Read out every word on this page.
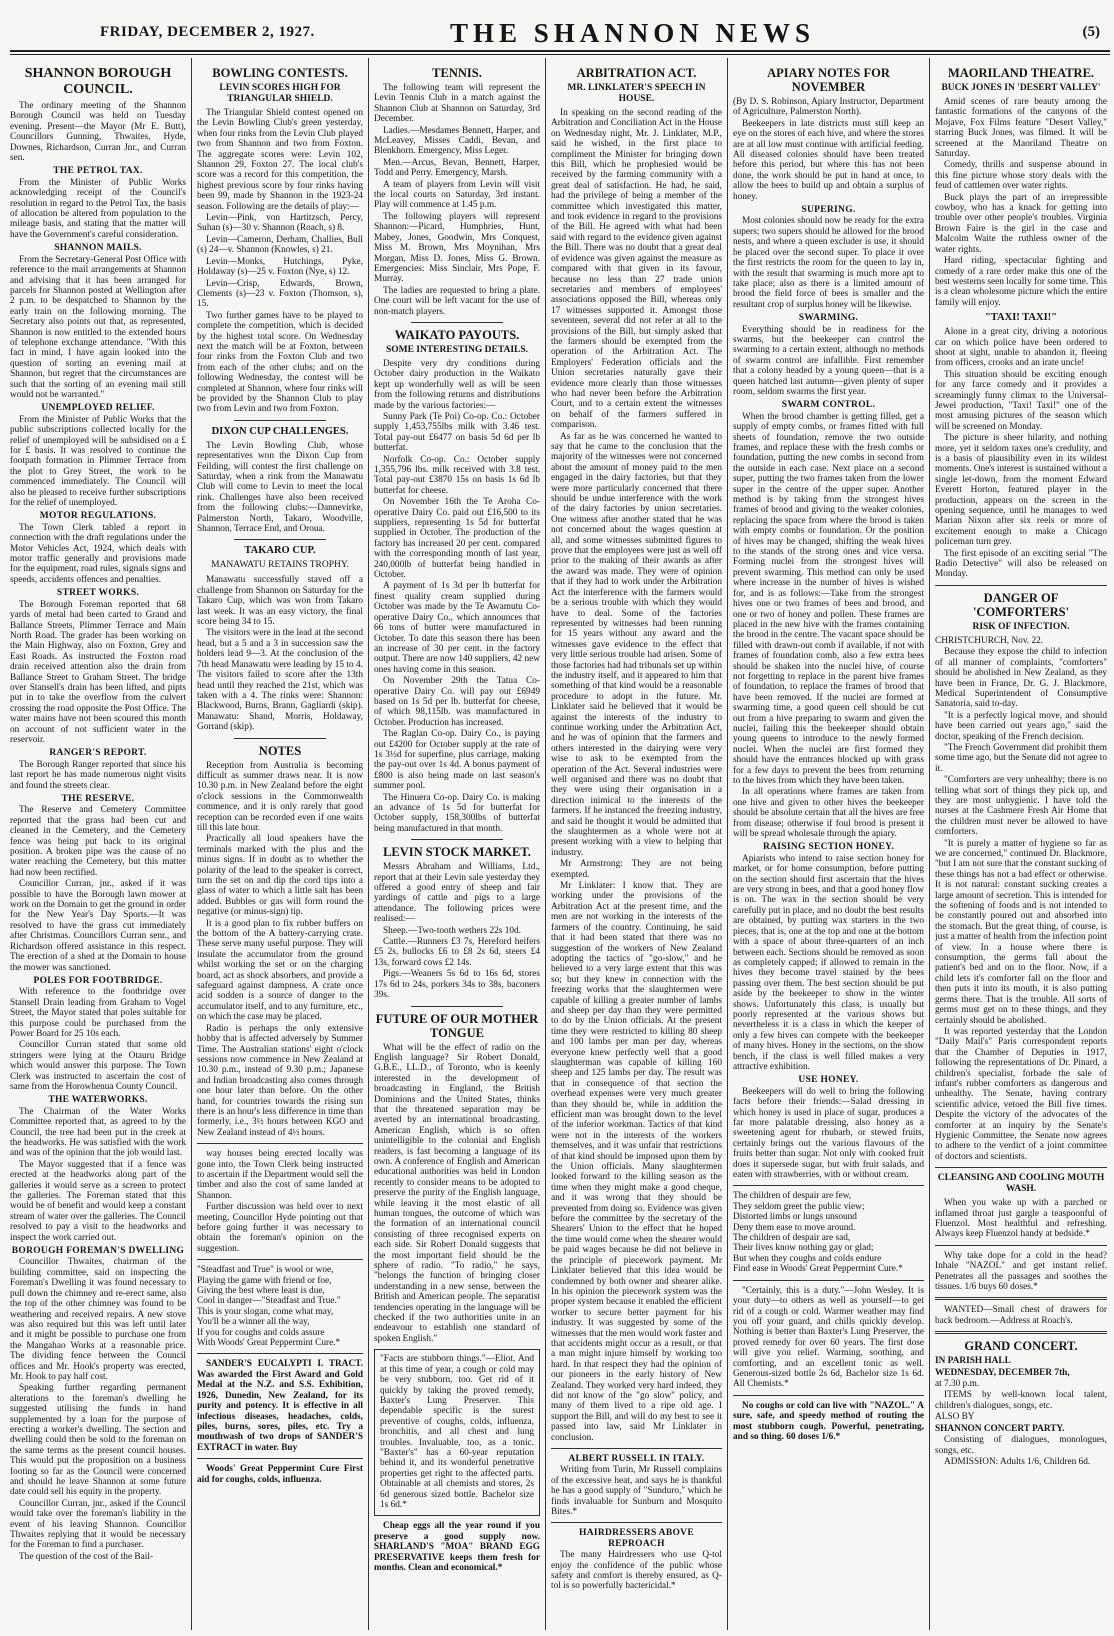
FRIDAY, DECEMBER 2, 1927.	THE SHANNON NEWS	(5)
SHANNON BOROUGH COUNCIL.

The ordinary meeting of the Shannon Borough Council was held on Tuesday evening. Present—the Mayor (Mr E. Butt), Councillors Gunning, Thwaites, Hyde, Downes, Richardson, Curran Jnr., and Curran sen.

THE PETROL TAX.

From the Minister of Public Works acknowledging receipt of the Council's resolution in regard to the Petrol Tax, the basis of allocation be altered from population to the mileage basis, and stating that the matter will have the Government's careful consideration.

SHANNON MAILS.

From the Secretary-General Post Office with reference to the mail arrangements at Shannon and advising that it has been arranged for parcels for Shannon posted at Wellington after 2 p.m. to be despatched to Shannon by the early train on the following morning. The Secretary also points out that, as represented, Shannon is now entitled to the extended hours of telephone exchange attendance. "With this fact in mind, I have again looked into the question of sorting an evening mail at Shannon, but regret that the circumstances are such that the sorting of an evening mail still would not be warranted."

UNEMPLOYED RELIEF.

From the Minister of Public Works that the public subscriptions collected locally for the relief of unemployed will be subsidised on a £ for £ basis. It was resolved to continue the footpath formation in Plimmer Terrace from the plot to Grey Street, the work to be commenced immediately. The Council will also be pleased to receive further subscriptions for the relief of unemployed.

MOTOR REGULATIONS.

The Town Clerk tabled a report in connection with the draft regulations under the Motor Vehicles Act, 1924, which deals with motor traffic generally and provisions made for the equipment, road rules, signals signs and speeds, accidents offences and penalties.

STREET WORKS.

The Borough Foreman reported that 68 yards of metal had been carted to Grand and Ballance Streets, Plimmer Terrace and Main North Road. The grader has been working on the Main Highway, also on Foxton, Grey and East Roads. As instructed the Foxton road drain received attention also the drain from Ballance Street to Graham Street. The bridge over Stansell's drain has been lifted, and pipts put in to take the overflow from the culvert crossing the road opposite the Post Office. The water mains have not been scoured this month on account of not sufficient water in the reservoir.

RANGER'S REPORT.

The Borough Ranger reported that since his last report he has made numerous night visits and found the streets clear.

THE RESERVE.

The Reserve and Cemetery Committee reported that the grass had been cut and cleaned in the Cemetery, and the Cemetery fence was being put back to its original position. A broken pipe was the cause of no water reaching the Cemetery, but this matter had now been rectified.

Councillor Curran, jnr., asked if it was possible to have the Borough lawn mower at work on the Domain to get the ground in order for the New Year's Day Sports.—It was resolved to have the grass cut immediately after Christmas. Councillors Curran senr., and Richardson offered assistance in this respect. The erection of a shed at the Domain to house the mower was sanctioned.

POLES FOR FOOTBRIDGE.

With reference to the footbridge over Stansell Drain leading from Graham to Vogel Street, the Mayor stated that poles suitable for this purpose could be purchased from the Power Board for 25 10s each.

Councillor Curran stated that some old stringers were lying at the Otauru Bridge which would answer this purpose. The Town Clerk was instructed to ascertain the cost of same from the Horowhenua County Council.

THE WATERWORKS.

The Chairman of the Water Works Committee reported that, as agreed to by the Council, the tree had been put in the creek at the headworks. He was satisfied with the work and was of the opinion that the job would last.

The Mayor suggested that if a fence was erected at the headworks along part of the galleries it would serve as a screen to protect the galleries. The Foreman stated that this would be of benefit and would keep a constant stream of water over the galleries. The Council resolved to pay a visit to the headworks and inspect the work carried out.

BOROUGH FOREMAN'S DWELLING

Councillor Thwaites, chairman of the building committee, said on inspecting the Foreman's Dwelling it was found necessary to pull down the chimney and re-erect same, also the top of the other chimney was found to be weathering and received repairs. A new stove was also required but this was left until later and it might be possible to purchase one from the Mangahao Works at a reasonable price. The dividing fence between the Council offices and Mr. Hook's property was erected, Mr. Hook to pay half cost.

Speaking further regarding permanent alterations to the foreman's dwelling he suggested utilising the funds in hand supplemented by a loan for the purpose of erecting a worker's dwelling. The section and dwelling could then be sold to the foreman on the same terms as the present council houses. This would put the proposition on a business footing so far as the Council were concerned and should he leave Shannon at some future date could sell his equity in the property.

Councillor Curran, jnr., asked if the Council would take over the foreman's liability in the event of his leaving Shannon. Councillor Thwaites replying that it would be necessary for the Foreman to find a purchaser.

The question of the cost of the Bail-

BOWLING CONTESTS.
LEVIN SCORES HIGH FOR TRIANGULAR SHIELD.

The Triangular Shield contest opened on the Levin Bowling Club's green yesterday, when four rinks from the Levin Club played two from Shannon and two from Foxton. The aggregate scores were: Levin 102, Shannon 29, Foxton 27. The local club's score was a record for this competition, the highest previous score by four rinks having been 99, made by Shannon in the 1923-24 season. Following are the details of play:—

Levin—Pink, von Hartitzsch, Percy, Suhan (s)—30 v. Shannon (Roach, s) 8.

Levin—Cameron, Derham, Challies, Bull (s) 24—v. Shannon (Knowles, s) 21.

Levin—Monks, Hutchings, Pyke, Holdaway (s)—25 v. Foxton (Nye, s) 12.

Levin—Crisp, Edwards, Brown, Clements (s)—23 v. Foxton (Thomson, s), 15.

Two further games have to be played to complete the competition, which is decided by the highest total score. On Wednesday next the match will be at Foxton, between four rinks from the Foxton Club and two from each of the other clubs; and on the following Wednesday, the contest will be completed at Shannon, where four rinks will be provided by the Shannon Club to play two from Levin and two from Foxton.

DIXON CUP CHALLENGES.

The Levin Bowling Club, whose representatives won the Dixon Cup from Feilding, will contest the first challenge on Saturday, when a rink from the Manawatu Club will come to Levin to meet the local rink. Challenges have also been received from the following clubs:—Dannevirke, Palmerston North, Takaro, Woodville, Shannon, Terrace End, and Oroua.

TAKARO CUP.
MANAWATU RETAINS TROPHY.

Manawatu successfully staved off a challenge from Shannon on Saturday for the Takaro Cup, which was won from Takaro last week. It was an easy victory, the final score being 34 to 15.

The visitors were in the lead at the second head, but a 5 and a 3 in succession saw the holders lead 9—3. At the conclusion of the 7th head Manawatu were leading by 15 to 4. The visitors failed to score after the 13th head until they reached the 21st, which was taken with a 4. The rinks were: Shannon: Blackwood, Burns, Brann, Gagliardi (skip). Manawatu: Shand, Morris, Holdaway, Gorrand (skip).

NOTES

Reception from Australia is becoming difficult as summer draws near. It is now 10.30 p.m. in New Zealand before the eight o'clock sessions in the Commonwealth commence, and it is only rarely that good reception can be recorded even if one waits till this late hour.

Practically all loud speakers have the terminals marked with the plus and the minus signs. If in doubt as to whether the polarity of the lead to the speaker is correct, turn the set on and dip the cord tips into a glass of water to which a little salt has been added. Bubbles or gas will form round the negative (or minus-sign) tip.

It is a good plan to fix rubber buffers on the bottom of the A battery-carrying crate. These serve many useful purpose. They will insulate the accumulator from the ground whilst working the set or on the charging board, act as shock absorbers, and provide a safeguard against dampness. A crate once acid sodden is a source of danger to the accumulator itself, and to any furniture, etc., on which the case may be placed.

Radio is perhaps the only extensive hobby that is affected adversely by Summer Time. The Australian stations' eight o'clock sessions now commence in New Zealand at 10.30 p.m., instead of 9.30 p.m.; Japanese and Indian broadcasting also comes through one hour later than before. On the other hand, for countries towards the rising sun there is an hour's less difference in time than formerly, i.e., 3½ hours between KGO and New Zealand instead of 4½ hours.

way houses being erected locally was gone into, the Town Clerk being instructed to ascertain if the Department would sell the timber and also the cost of same landed at Shannon.

Further discussion was held over to next meeting, Councillor Hyde pointing out that before going further it was necessary to obtain the foreman's opinion on the suggestion.

"Steadfast and True" is wool or woe,

Playing the game with friend or foe,

Giving the best where least is due,

Cool in danger—"Steadfast and True."

This is your slogan, come what may,

You'll be a winner all the way,

If you for coughs and colds assure

With Woods' Great Peppermint Cure.*

SANDER'S EUCALYPTI I. TRACT. Was awarded the First Award and Gold Medal at the N.Z. and S.S. Exhibition, 1926, Dunedin, New Zealand, for its purity and potency. It is effective in all infectious diseases, headaches, colds, piles, burns, sores, piles, etc. Try a mouthwash of two drops of SANDER'S EXTRACT in water. Buy

Woods' Great Peppermint Cure First aid for coughs, colds, influenza.

TENNIS.

The following team will represent the Levin Tennis Club in a match against the Shannon Club at Shannon on Saturday, 3rd December.

Ladies.—Mesdames Bennett, Harper, and McLeavey, Misses Caddi, Bevan, and Blenkhorn. Emergency, Miss Leger.

Men.—Arcus, Bevan, Bennett, Harper, Todd and Perry. Emergency, Marsh.

A team of players from Levin will visit the local courts on Saturday, 3rd instant. Play will commence at 1.45 p.m.

The following players will represent Shannon:—Picard, Humphries, Hunt, Mabey, Jones, Goodwin, Mrs Conquest, Miss M. Brown, Mrs Moynihan, Mrs Morgan, Miss D. Jones, Miss G. Brown. Emergencies: Miss Sinclair, Mrs Pope, F. Murray.

The ladies are requested to bring a plate. One court will be left vacant for the use of non-match players.

WAIKATO PAYOUTS.
SOME INTERESTING DETAILS.

Despite very dry conditions during October dairy production in the Waikato kept up wonderfully well as will be seen from the following returns and distributions made by the various factories:—

Sunny Park (Te Poi) Co-op. Co.: October supply 1,453,755lbs milk with 3.46 test. Total pay-out £6477 on basis 5d 6d per lb butterfat.

Norfolk Co-op. Co.: October supply 1,355,796 lbs. milk received with 3.8 test. Total pay-out £3870 15s on basis 1s 6d lb butterfat for cheese.

On November 16th the Te Aroha Co-operative Dairy Co. paid out £16,500 to its suppliers, representing 1s 5d for butterfat supplied in October. The production of the factory has increased 20 per cent. compared with the corresponding month of last year, 240,000lb of butterfat being handled in October.

A payment of 1s 3d per lb butterfat for finest quality cream supplied during October was made by the Te Awamutu Co-operative Dairy Co., which announces that 66 tons of butter were manufactured in October. To date this season there has been an increase of 30 per cent. in the factory output. There are now 140 suppliers, 42 new ones having come in this season.

On November 29th the Tatua Co-operative Dairy Co. will pay out £6949 based on 1s 5d per lb. butterfat for cheese, of which 98,115lb. was manufactured in October. Production has increased.

The Raglan Co-op. Dairy Co., is paying out £4200 for October supply at the rate of 1s 3½d for superfine, plus carriage, making the pay-out over 1s 4d. A bonus payment of £800 is also being made on last season's summer pool.

The Hinuera Co-op. Dairy Co. is making an advance of 1s 5d for butterfat for October supply, 158,300lbs of butterfat being manufactured in that month.

LEVIN STOCK MARKET.

Messrs Abraham and Williams, Ltd., report that at their Levin sale yesterday they offered a good entry of sheep and fair yardings of cattle and pigs to a large attendance. The following prices were realised:—

Sheep.—Two-tooth wethers 22s 10d.

Cattle.—Runners £3 7s, Hereford heifers £5 2s, bullocks £6 to £8 2s 6d, steers £4 13s, forward cows £2 14s.

Pigs.—Weaners 5s 6d to 16s 6d, stores 17s 6d to 24s, porkers 34s to 38s, baconers 39s.

FUTURE OF OUR MOTHER TONGUE

What will be the effect of radio on the English language? Sir Robert Donald, G.B.E., LL.D., of Toronto, who is keenly interested in the development of broadcasting in England, the British Dominions and the United States, thinks that the threatened separation may be averted by an international broadcasting. American English, which is so often unintelligible to the colonial and English readers, is fast becoming a language of its own. A conference of English and American educational authorities was held in London recently to consider means to be adopted to preserve the purity of the English language, while leaving it the most elastic of all human tongues, the outcome of which was the formation of an international council consisting of three recognised experts on each side. Sir Robert Donald suggests that the most important field should be the sphere of radio. "To radio," he says, "belongs the function of bringing closer understanding in a new sense, between the British and American people. The separatist tendencies operating in the language will be checked if the two authorities unite in an endeavour to establish one standard of spoken English."

"Facts are stubborn things."—Eliot. And at this time of year, a cough or cold may be very stubborn, too. Get rid of it quickly by taking the proved remedy, Baxter's Lung Preserver. This dependable specific is the surest preventive of coughs, colds, influenza, bronchitis, and all chest and lung troubles. Invaluable, too, as a tonic. "Baxter's" has a 60-year reputation behind it, and its wonderful penetrative properties get right to the affected parts. Obtainable at all chemists and stores, 2s 6d generous sized bottle. Bachelor size 1s 6d.*

Cheap eggs all the year round if you preserve a good supply now. SHARLAND'S "MOA" BRAND EGG PRESERVATIVE keeps them fresh for months. Clean and economical.*

ARBITRATION ACT.
MR. LINKLATER'S SPEECH IN HOUSE.

In speaking on the second reading of the Arbitration and Conciliation Act in the House on Wednesday night, Mr. J. Linklater, M.P., said he wished, in the first place to compliment the Minister for bringing down this Bill, which he prophesied would be received by the farming community with a great deal of satisfaction. He had, he said, had the privilege of being a member of the committee which investigated this matter, and took evidence in regard to the provisions of the Bill. He agreed with what had been said with regard to the evidence given against the Bill. There was no doubt that a great deal of evidence was given against the measure as compared with that given in its favour, because no less than 27 trade union secretaries and members of employees' associations opposed the Bill, whereas only 17 witnesses supported it. Amongst those seventeen, several did not refer at all to the provisions of the Bill, but simply asked that the farmers should be exempted from the operation of the Arbitration Act. The Employers' Federation officials and the Union secretaries naturally gave their evidence more clearly than those witnesses who had never been before the Arbitration Court, and to a certain extent the witnesses on behalf of the farmers suffered in comparison.

As far as he was concerned he wanted to say that he came to the conclusion that the majority of the witnesses were not concerned about the amount of money paid to the men engaged in the dairy factories, but that they were more particularly concerned that there should be undue interference with the work of the dairy factories by union secretaries. One witness after another stated that he was not concerned about the wages question at all, and some witnesses submitted figures to prove that the employees were just as well off prior to the making of their awards as after the award was made. They were of opinion that if they had to work under the Arbitration Act the interference with the farmers would be a serious trouble with which they would have to deal. Some of the factories represented by witnesses had been running for 15 years without any award and the witnesses gave evidence to the effect that very little serious trouble had arisen. Some of those factories had had tribunals set up within the industry itself, and it appeared to him that something of that kind would be a reasonable procedure to adopt in the future. Mr. Linklater said he believed that it would be against the interests of the industry to continue working under the Arbitration Act, and he was of opinion that the farmers and others interested in the dairying were very wise to ask to be exempted from the operation of the Act. Several industries were well organised and there was no doubt that they were using their organisation in a direction inimical to the interests of the farmers. If he instanced the freezing industry, and said he thought it would be admitted that the slaughtermen as a whole were not at present working with a view to helping that industry.

Mr Armstrong: They are not being exempted.

Mr Linklater: I know that. They are working under the provisions of the Arbitration Act at the present time, and the men are not working in the interests of the farmers of the country. Continuing, he said that it had been stated that there was no suggestion of the workers of New Zealand adopting the tactics of "go-slow," and he believed to a very large extent that this was so; but they knew in connection with the freezing works that the slaughtermen were capable of killing a greater number of lambs and sheep per day than they were permitted to do by the Union officials. At the present time they were restricted to killing 80 sheep and 100 lambs per man per day, whereas everyone knew perfectly well that a good slaughterman was capable of killing 160 sheep and 125 lambs per day. The result was that in consequence of that section the overhead expenses were very much greater than they should be, while in addition the efficient man was brought down to the level of the inferior workman. Tactics of that kind were not in the interests of the workers themselves, and it was unfair that restrictions of that kind should be imposed upon them by the Union officials. Many slaughtermen looked forward to the killing season as the time when they might make a good cheque, and it was wrong that they should be prevented from doing so. Evidence was given before the committee by the secretary of the Shearers' Union to the effect that he hoped the time would come when the shearer would be paid wages because he did not believe in the principle of piecework payment. Mr Linklater believed that this idea would be condemned by both owner and shearer alike. In his opinion the piecework system was the proper system because it enabled the efficient worker to secure better payment for his industry. It was suggested by some of the witnesses that the men would work faster and that accidents might occur as a result, or that a man might injure himself by working too hard. In that respect they had the opinion of our pioneers in the early history of New Zealand. They worked very hard indeed, they did not know of the "go slow" policy, and many of them lived to a ripe old age. I support the Bill, and will do my best to see it passed into law, said Mr Linklater in conclusion.

ALBERT RUSSELL IN ITALY.

Writing from Turin, Mr Russell complains of the excessive heat, and says he is thankful he has a good supply of "Sunduro," which he finds invaluable for Sunburn and Mosquito Bites.*

HAIRDRESSERS ABOVE REPROACH

The many Hairdressers who use Q-tol enjoy the confidence of the public whose safety and comfort is thereby ensured, as Q-tol is so powerfully bactericidal.*

APIARY NOTES FOR NOVEMBER

(By D. S. Robinson, Apiary Instructor, Department of Agriculture, Palmerston North).

Beekeepers in late districts must still keep an eye on the stores of each hive, and where the stores are at all low must continue with artificial feeding. All diseased colonies should have been treated before this period, but where this has not been done, the work should be put in hand at once, to allow the bees to build up and obtain a surplus of honey.

SUPERING.

Most colonies should now be ready for the extra supers; two supers should be allowed for the brood nests, and where a queen excluder is use, it should be placed over the second super. To place it over the first restricts the room for the queen to lay in, with the result that swarming is much more apt to take place; also as there is a limited amount of brood the field force of bees is smaller and the resultant crop of surplus honey will be likewise.

SWARMING.

Everything should be in readiness for the swarms, but the beekeeper can control the swarming to a certain extent, although no methods of swarm control are infallible. First remember that a colony headed by a young queen—that is a queen hatched last autumn—given plenty of super room, seldom swarms the first year.

SWARM CONTROL.

When the brood chamber is getting filled, get a supply of empty combs, or frames fitted with full sheets of foundation, remove the two outside frames, and replace these with the fresh combs or foundation, putting the new combs in second from the outside in each case. Next place on a second super, putting the two frames taken from the lower super in the centre of the upper super. Another method is by taking from the strongest hives frames of brood and giving to the weaker colonies, replacing the space from where the brood is taken with empty combs or foundation. Or the position of hives may be changed, shifting the weak hives to the stands of the strong ones and vice versa. Forming nuclei from the strongest hives will prevent swarming. This method can only be used where increase in the number of hives is wished for, and is as follows:—Take from the strongest hives one or two frames of bees and brood, and one or two of honey and pollen. These frames are placed in the new hive with the frames containing the brood in the centre. The vacant space should be filled with drawn-out comb if available, if not with frames of foundation comb, also a few extra bees should be shaken into the nuclei hive, of course not forgetting to replace in the parent hive frames of foundation, to replace the frames of brood that have been removed. If the nuclei are formed at swarming time, a good queen cell should be cut out from a hive preparing to swarm and given the nuclei, failing this the beekeeper should obtain young queens to introduce to the newly formed nuclei. When the nuclei are first formed they should have the entrances blocked up with grass for a few days to prevent the bees from returning to the hives from which they have been taken.

In all operations where frames are taken from one hive and given to other hives the beekeeper should be absolute certain that all the hives are free from disease; otherwise if foul brood is present it will be spread wholesale through the apiary.

RAISING SECTION HONEY.

Apiarists who intend to raise section honey for market, or for home consumption, before putting on the section should first ascertain that the hives are very strong in bees, and that a good honey flow is on. The wax in the section should be very carefully put in place, and no doubt the best results are obtained, by putting wax starters in the two pieces, that is, one at the top and one at the bottom with a space of about three-quarters of an inch between each. Sections should be removed as soon as completely capped; if allowed to remain in the hives they become travel stained by the bees passing over them. The best section should be put aside by the beekeeper to show in the winter shows. Unfortunately this class, is usually but poorly represented at the various shows but nevertheless it is a class in which the keeper of only a few hives can compete with the beekeeper of many hives. Honey in the sections, on the show bench, if the class is well filled makes a very attractive exhibition.

USE HONEY.

Beekeepers will do well to bring the following facts before their friends:—Salad dressing in which honey is used in place of sugar, produces a far more palatable dressing, also honey as a sweetening agent for rhubarb, or stewed fruits, certainly brings out the various flavours of the fruits better than sugar. Not only with cooked fruit does it supersede sugar, but with fruit salads, and eaten with strawberries, with or without cream.

The children of despair are few,

They seldom greet the public view;

Distorted limbs or lungs unsound

Deny them ease to move around.

The children of despair are sad,

Their lives know nothing gay or glad;

But when they coughs and colds endure

Find ease in Woods' Great Peppermint Cure.*

"Certainly, this is a duty."—John Wesley. It is your duty—to others as well as yourself—to get rid of a cough or cold. Warmer weather may find you off your guard, and chills quickly develop. Nothing is better than Baxter's Lung Preserver, the proved remedy for over 60 years. The first dose will give you relief. Warming, soothing, and comforting, and an excellent tonic as well. Generous-sized bottle 2s 6d, Bachelor size 1s 6d. All Chemists.*

No coughs or cold can live with "NAZOL." A sure, safe, and speedy method of routing the most stubborn cough. Powerful, penetrating, and so thing. 60 doses 1/6.*

MAORILAND THEATRE.
BUCK JONES IN 'DESERT VALLEY'

Amid scenes of rare beauty among the fantastic formations of the canyons of the Mojave, Fox Films feature "Desert Valley," starring Buck Jones, was filmed. It will be screened at the Maoriland Theatre on Saturday.

Comedy, thrills and suspense abound in this fine picture whose story deals with the feud of cattlemen over water rights.

Buck plays the part of an irrepressible cowboy, who has a knack for getting into trouble over other people's troubles. Virginia Brown Faire is the girl in the case and Malcolm Waite the ruthless owner of the water rights.

Hard riding, spectacular fighting and comedy of a rare order make this one of the best westerns seen locally for some time. This is a clean wholesome picture which the entire family will enjoy.

"TAXI! TAXI!"

Alone in a great city, driving a notorious car on which police have been ordered to shoot at sight, unable to abandon it, fleeing from officers, crooks and an irate uncle!

This situation should be exciting enough for any farce comedy and it provides a screamingly funny climax to the Universal-Jewel production, "Taxi! Taxi!" one of the most amusing pictures of the season which will be screened on Monday.

The picture is sheer hilarity, and nothing more, yet it seldom taxes one's credulity, and is a basis of plausibility even in its wildest moments. One's interest is sustained without a single let-down, from the moment Edward Everett Horton, featured player in the production, appears on the screen in the opening sequence, until he manages to wed Marian Nixon after six reels or more of excitement enough to make a Chicago policeman turn grey.

The first episode of an exciting serial "The Radio Detective" will also be released on Monday.

DANGER OF 'COMFORTERS'
RISK OF INFECTION.

CHRISTCHURCH, Nov. 22.

Because they expose the child to infection of all manner of complaints, "comforters" should be abolished in New Zealand, as they have been in France, Dr. G. J. Blackmore, Medical Superintendent of Consumptive Sanatoria, said to-day.

"It is a perfectly logical move, and should have been carried out years ago," said the doctor, speaking of the French decision.

"The French Government did prohibit them some time ago, but the Senate did not agree to it.

"Comforters are very unhealthy; there is no telling what sort of things they pick up, and they are most unhygienic. I have told the nurses at the Cashmere Fresh Air Home that the children must never be allowed to have comforters.

"It is purely a matter of hygiene so far as we are concerned," continued Dr. Blackmore, "but I am not sure that the constant sucking of these things has not a bad effect or otherwise. It is not natural: constant sucking creates a large amount of secretion. This is intended for the softening of foods and is not intended to be constantly poured out and absorbed into the stomach. But the great thing, of course, is just a matter of health from the infection point of view. In a house where there is consumption, the germs fall about the patient's bed and on to the floor. Now, if a child lets it's comforter fall on the floor and then puts it into its mouth, it is also putting germs there. That is the trouble. All sorts of germs must get on to these things, and they certainly should be abolished.

It was reported yesterday that the London "Daily Mail's" Paris correspondent reports that the Chamber of Deputies in 1917, following the representations of Dr. Pinard, a children's specialist, forbade the sale of infant's rubber comforters as dangerous and unhealthy. The Senate, having contrary scientific advice, vetoed the Bill five times. Despite the victory of the advocates of the comforter at an inquiry by the Senate's Hygienic Committee, the Senate now agrees to adhere to the verdict of a joint committee of doctors and scientists.

CLEANSING AND COOLING MOUTH WASH.

When you wake up with a parched or inflamed throat just gargle a teaspoonful of Fluenzol. Most healthful and refreshing. Always keep Fluenzol handy at bedside.*

Why take dope for a cold in the head? Inhale "NAZOL" and get instant relief. Penetrates all the passages and soothes the tissues. 1/6 buys 60 doses.*

WANTED—Small chest of drawers for back bedroom.—Address at Roach's.

GRAND CONCERT.

IN PARISH HALL

WEDNESDAY, DECEMBER 7th,

at 7.30 p.m.

ITEMS by well-known local talent, children's dialogues, songs, etc.

ALSO BY

SHANNON CONCERT PARTY.

Consisting of dialogues, monologues, songs, etc.

ADMISSION: Adults 1/6, Children 6d.
